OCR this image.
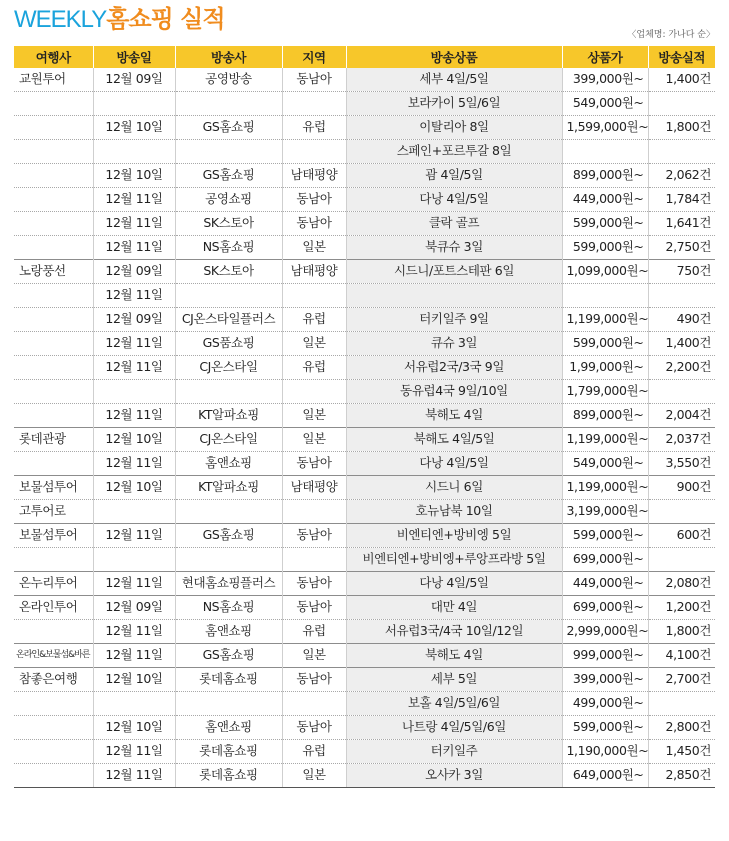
WEEKLY홈쇼핑 실적
〈업체명: 가나다 순〉
여행사	방송일	방송사	지역	방송상품	상품가	방송실적
교원투어	12월 09일	공영방송	동남아	세부 4일/5일	399,000원~	1,400건
				보라카이 5일/6일	549,000원~	
	12월 10일	GS홈쇼핑	유럽	이탈리아 8일	1,599,000원~	1,800건
				스페인+포르투갈 8일		
	12월 10일	GS홈쇼핑	남태평양	괌 4일/5일	899,000원~	2,062건
	12월 11일	공영쇼핑	동남아	다낭 4일/5일	449,000원~	1,784건
	12월 11일	SK스토아	동남아	클락 골프	599,000원~	1,641건
	12월 11일	NS홈쇼핑	일본	북큐슈 3일	599,000원~	2,750건
노랑풍선	12월 09일	SK스토아	남태평양	시드니/포트스테판 6일	1,099,000원~	750건
	12월 11일					
	12월 09일	CJ온스타일플러스	유럽	터키일주 9일	1,199,000원~	490건
	12월 11일	GS품쇼핑	일본	큐슈 3일	599,000원~	1,400건
	12월 11일	CJ온스타일	유럽	서유럽2국/3국 9일	1,99,000원~	2,200건
				동유럽4국 9일/10일	1,799,000원~	
	12월 11일	KT알파쇼핑	일본	북해도 4일	899,000원~	2,004건
롯데관광	12월 10일	CJ온스타일	일본	북해도 4일/5일	1,199,000원~	2,037건
	12월 11일	홈앤쇼핑	동남아	다낭 4일/5일	549,000원~	3,550건
보물섬투어	12월 10일	KT알파쇼핑	남태평양	시드니 6일	1,199,000원~	900건
고투어로				호뉴남북 10일	3,199,000원~	
보물섬투어	12월 11일	GS홈쇼핑	동남아	비엔티엔+방비엥 5일	599,000원~	600건
				비엔티엔+방비엥+루앙프라방 5일	699,000원~	
온누리투어	12월 11일	현대홈쇼핑플러스	동남아	다낭 4일/5일	449,000원~	2,080건
온라인투어	12월 09일	NS홈쇼핑	동남아	대만 4일	699,000원~	1,200건
	12월 11일	홈앤쇼핑	유럽	서유럽3국/4국 10일/12일	2,999,000원~	1,800건
온라인&보물섬&바른	12월 11일	GS홈쇼핑	일본	북해도 4일	999,000원~	4,100건
참좋은여행	12월 10일	롯데홈쇼핑	동남아	세부 5일	399,000원~	2,700건
				보홀 4일/5일/6일	499,000원~	
	12월 10일	홈앤쇼핑	동남아	나트랑 4일/5일/6일	599,000원~	2,800건
	12월 11일	롯데홈쇼핑	유럽	터키일주	1,190,000원~	1,450건
	12월 11일	롯데홈쇼핑	일본	오사카 3일	649,000원~	2,850건
